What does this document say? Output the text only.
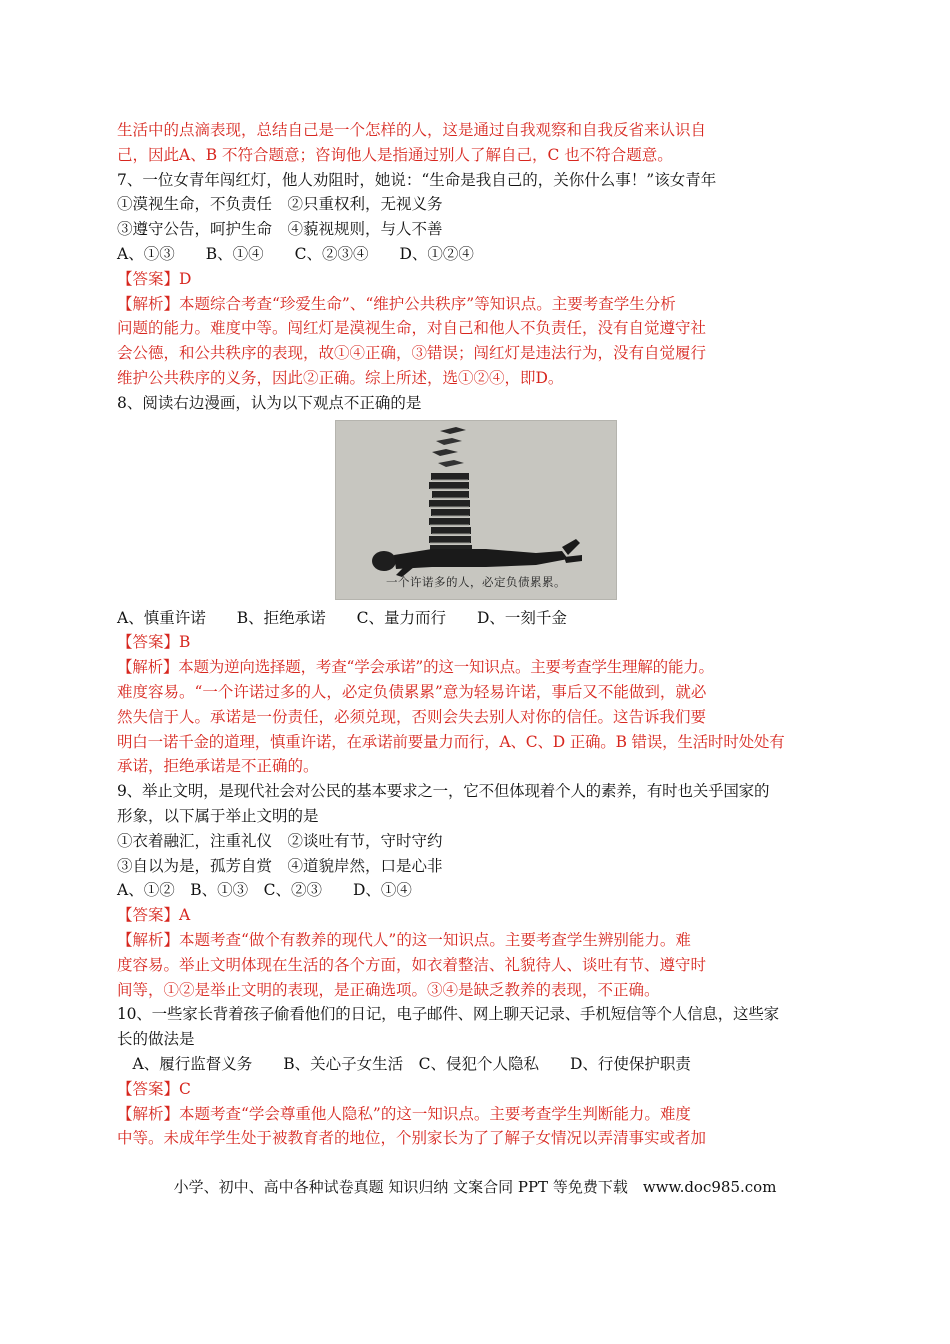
生活中的点滴表现，总结自己是一个怎样的人，这是通过自我观察和自我反省来认识自
己，因此A、B 不符合题意；咨询他人是指通过别人了解自己，C 也不符合题意。
7、一位女青年闯红灯，他人劝阻时，她说：“生命是我自己的，关你什么事！”该女青年
①漠视生命，不负责任　②只重权利，无视义务
③遵守公告，呵护生命　④藐视规则，与人不善
A、①③　　B、①④　　C、②③④　　D、①②④
【答案】D
【解析】本题综合考查“珍爱生命”、“维护公共秩序”等知识点。主要考查学生分析
问题的能力。难度中等。闯红灯是漠视生命，对自己和他人不负责任，没有自觉遵守社
会公德，和公共秩序的表现，故①④正确，③错误；闯红灯是违法行为，没有自觉履行
维护公共秩序的义务，因此②正确。综上所述，选①②④，即D。
8、阅读右边漫画，认为以下观点不正确的是
一个许诺多的人，必定负债累累。
A、慎重许诺　　B、拒绝承诺　　C、量力而行　　D、一刻千金
【答案】B
【解析】本题为逆向选择题，考查“学会承诺”的这一知识点。主要考查学生理解的能力。
难度容易。“一个许诺过多的人，必定负债累累”意为轻易许诺，事后又不能做到，就必
然失信于人。承诺是一份责任，必须兑现，否则会失去别人对你的信任。这告诉我们要
明白一诺千金的道理，慎重许诺，在承诺前要量力而行，A、C、D 正确。B 错误，生活时时处处有
承诺，拒绝承诺是不正确的。
9、举止文明，是现代社会对公民的基本要求之一，它不但体现着个人的素养，有时也关乎国家的
形象，以下属于举止文明的是
①衣着融汇，注重礼仪　②谈吐有节，守时守约
③自以为是，孤芳自赏　④道貌岸然，口是心非
A、①②　B、①③　C、②③　　D、①④
【答案】A
【解析】本题考查“做个有教养的现代人”的这一知识点。主要考查学生辨别能力。难
度容易。举止文明体现在生活的各个方面，如衣着整洁、礼貌待人、谈吐有节、遵守时
间等，①②是举止文明的表现，是正确选项。③④是缺乏教养的表现，不正确。
10、一些家长背着孩子偷看他们的日记，电子邮件、网上聊天记录、手机短信等个人信息，这些家
长的做法是
　A、履行监督义务　　B、关心子女生活　C、侵犯个人隐私　　D、行使保护职责
【答案】C
【解析】本题考查“学会尊重他人隐私”的这一知识点。主要考查学生判断能力。难度
中等。未成年学生处于被教育者的地位，个别家长为了了解子女情况以弄清事实或者加
小学、初中、高中各种试卷真题 知识归纳 文案合同 PPT 等免费下载　www.doc985.com
